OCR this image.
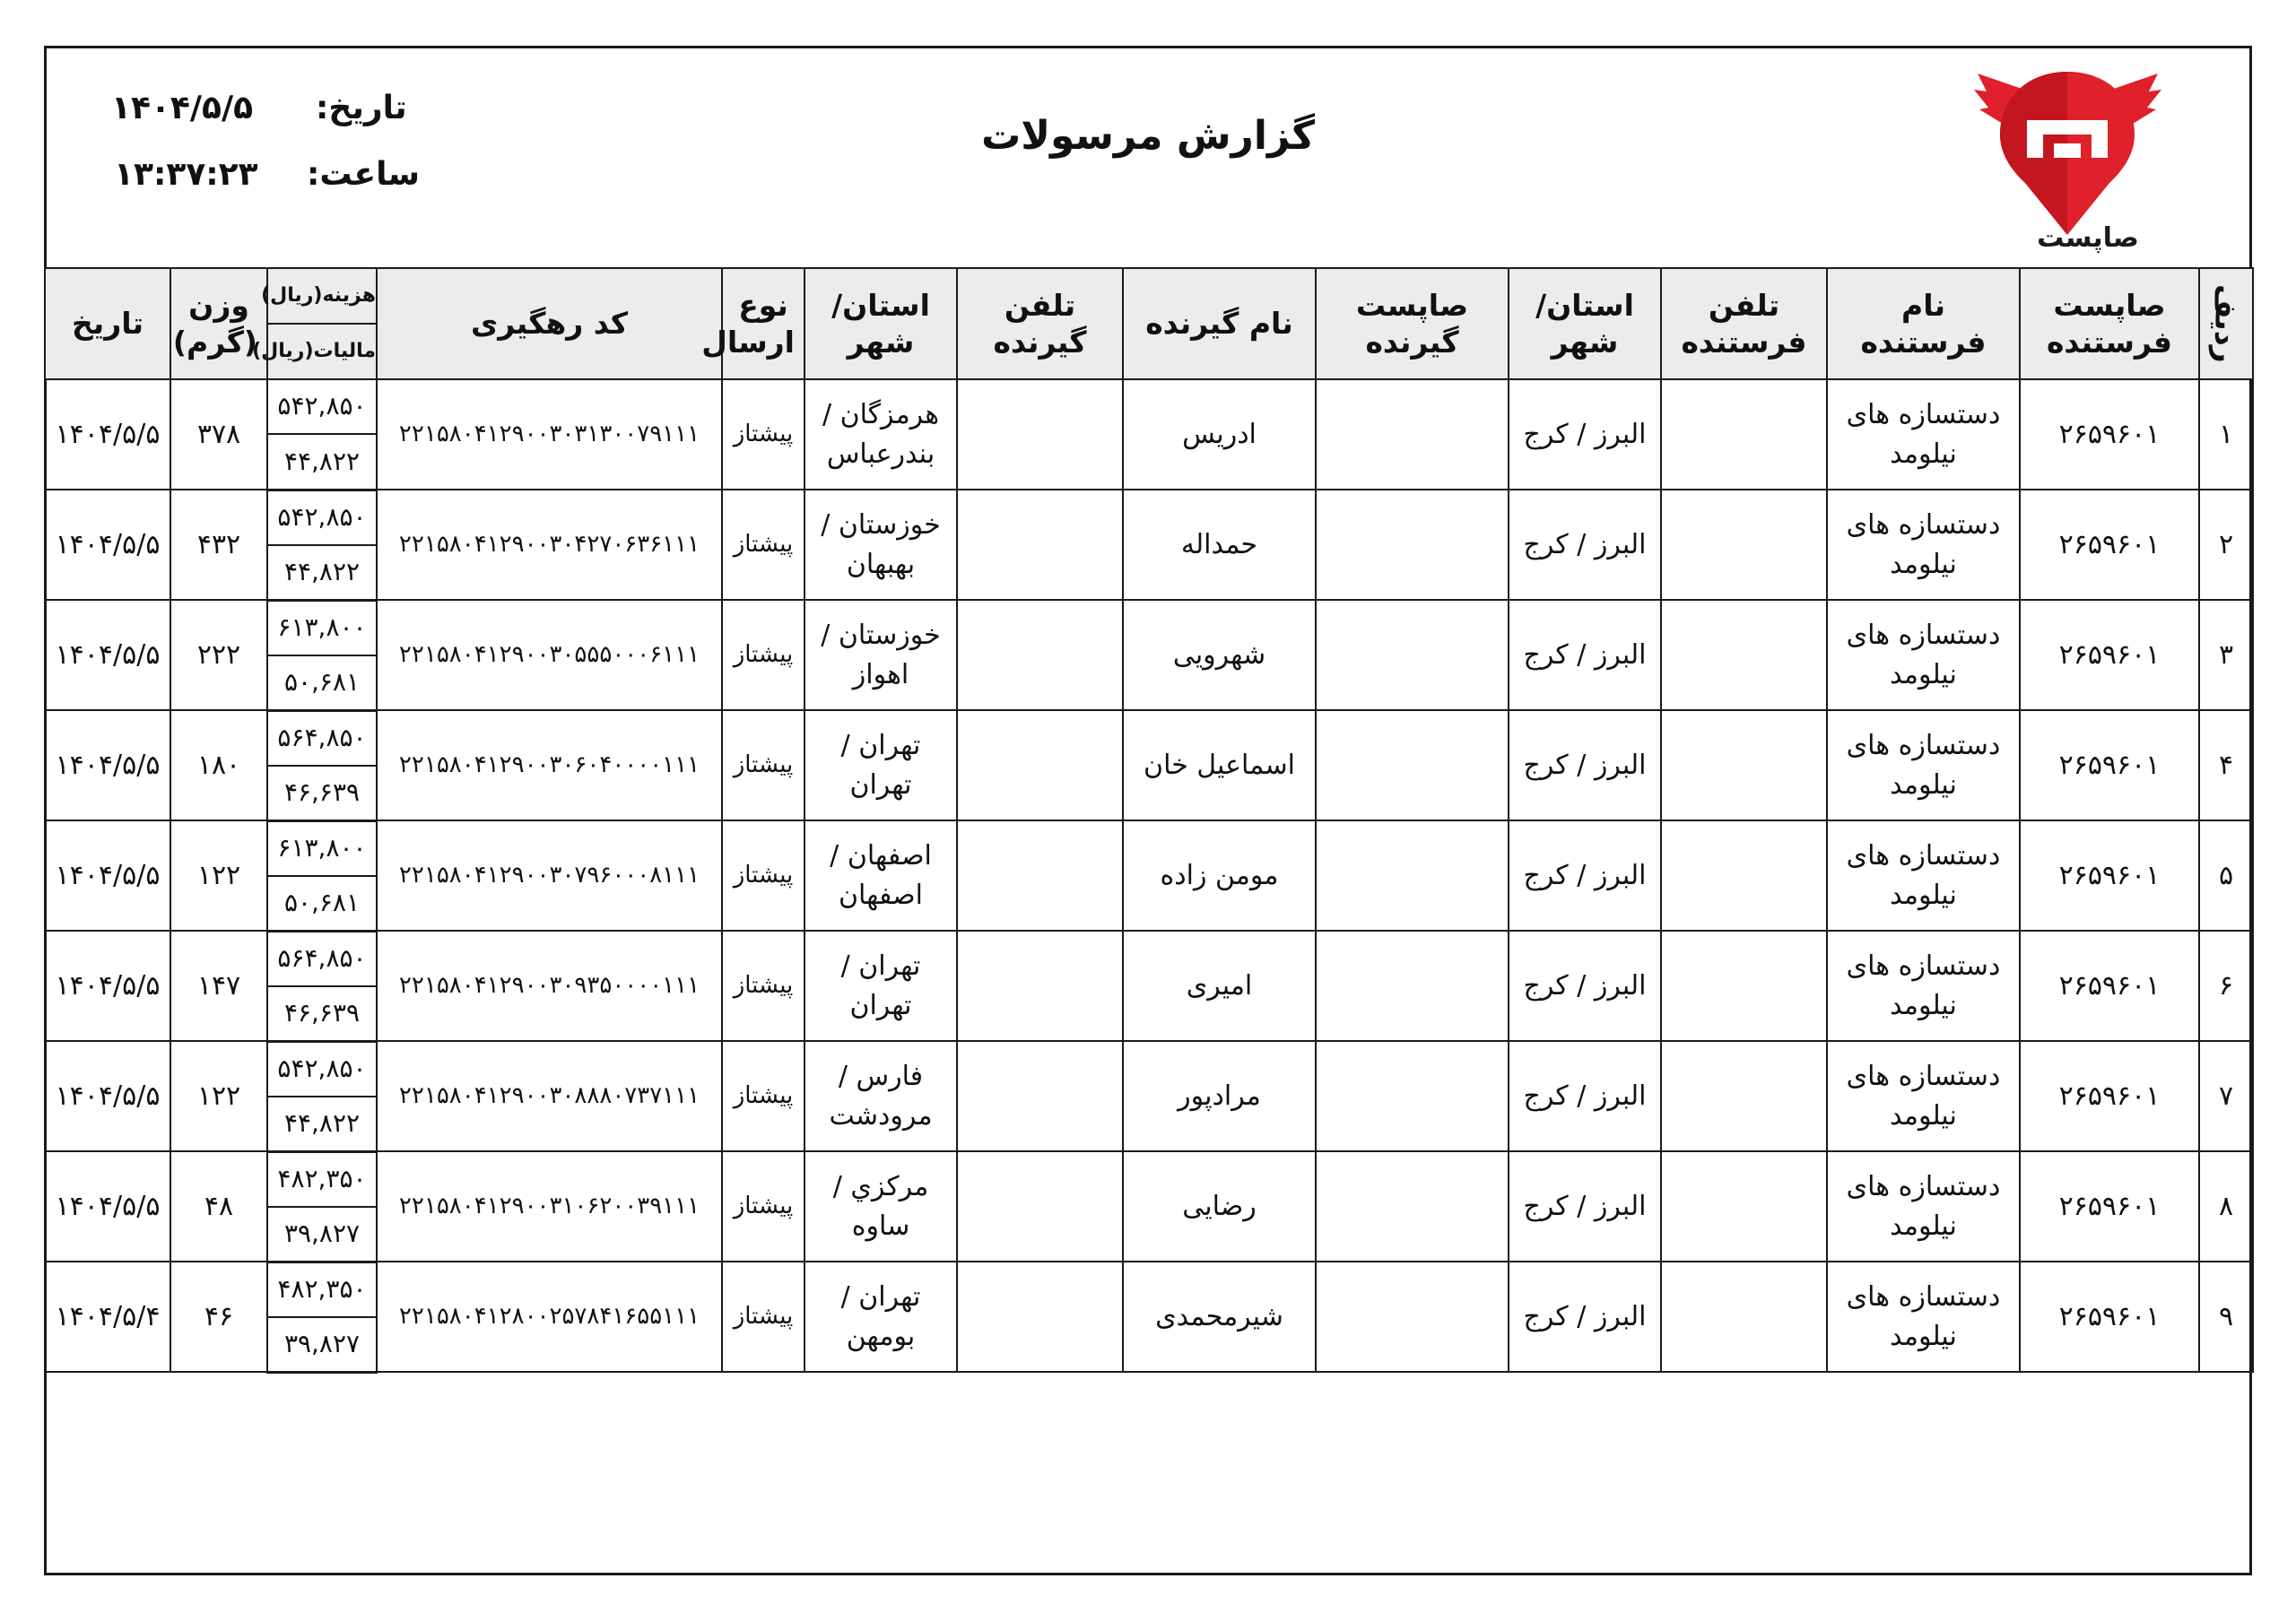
صاپست
گزارش مرسولات
تاریخ:
۱۴۰۴/۵/۵
ساعت:
۱۳:۳۷:۲۳
ردیف	صاپست فرستنده	نام فرستنده	تلفن فرستنده	استان/ شهر	صاپست گیرنده	نام گیرنده	تلفن گیرنده	استان/ شهر	نوع ارسال	کد رهگیری	هزینه(ریال)	وزن (گرم)	تاریخ
											مالیات(ریال)		
۱	۲۶۵۹۶۰۱	دستسازه های نیلومد		البرز / کرج		ادریس		هرمزگان / بندرعباس	پیشتاز	۲۲۱۵۸۰۴۱۲۹۰۰۳۰۳۱۳۰۰۷۹۱۱۱	۵۴۲,۸۵۰	۳۷۸	۱۴۰۴/۵/۵
											۴۴,۸۲۲		
۲	۲۶۵۹۶۰۱	دستسازه های نیلومد		البرز / کرج		حمداله		خوزستان / بهبهان	پیشتاز	۲۲۱۵۸۰۴۱۲۹۰۰۳۰۴۲۷۰۶۳۶۱۱۱	۵۴۲,۸۵۰	۴۳۲	۱۴۰۴/۵/۵
											۴۴,۸۲۲		
۳	۲۶۵۹۶۰۱	دستسازه های نیلومد		البرز / کرج		شهرویی		خوزستان / اهواز	پیشتاز	۲۲۱۵۸۰۴۱۲۹۰۰۳۰۵۵۵۰۰۰۶۱۱۱	۶۱۳,۸۰۰	۲۲۲	۱۴۰۴/۵/۵
											۵۰,۶۸۱		
۴	۲۶۵۹۶۰۱	دستسازه های نیلومد		البرز / کرج		اسماعیل خان		تهران / تهران	پیشتاز	۲۲۱۵۸۰۴۱۲۹۰۰۳۰۶۰۴۰۰۰۰۱۱۱	۵۶۴,۸۵۰	۱۸۰	۱۴۰۴/۵/۵
											۴۶,۶۳۹		
۵	۲۶۵۹۶۰۱	دستسازه های نیلومد		البرز / کرج		مومن زاده		اصفهان / اصفهان	پیشتاز	۲۲۱۵۸۰۴۱۲۹۰۰۳۰۷۹۶۰۰۰۸۱۱۱	۶۱۳,۸۰۰	۱۲۲	۱۴۰۴/۵/۵
											۵۰,۶۸۱		
۶	۲۶۵۹۶۰۱	دستسازه های نیلومد		البرز / کرج		امیری		تهران / تهران	پیشتاز	۲۲۱۵۸۰۴۱۲۹۰۰۳۰۹۳۵۰۰۰۰۱۱۱	۵۶۴,۸۵۰	۱۴۷	۱۴۰۴/۵/۵
											۴۶,۶۳۹		
۷	۲۶۵۹۶۰۱	دستسازه های نیلومد		البرز / کرج		مرادپور		فارس / مرودشت	پیشتاز	۲۲۱۵۸۰۴۱۲۹۰۰۳۰۸۸۸۰۷۳۷۱۱۱	۵۴۲,۸۵۰	۱۲۲	۱۴۰۴/۵/۵
											۴۴,۸۲۲		
۸	۲۶۵۹۶۰۱	دستسازه های نیلومد		البرز / کرج		رضایی		مرکزي / ساوه	پیشتاز	۲۲۱۵۸۰۴۱۲۹۰۰۳۱۰۶۲۰۰۳۹۱۱۱	۴۸۲,۳۵۰	۴۸	۱۴۰۴/۵/۵
											۳۹,۸۲۷		
۹	۲۶۵۹۶۰۱	دستسازه های نیلومد		البرز / کرج		شیرمحمدی		تهران / بومهن	پیشتاز	۲۲۱۵۸۰۴۱۲۸۰۰۲۵۷۸۴۱۶۵۵۱۱۱	۴۸۲,۳۵۰	۴۶	۱۴۰۴/۵/۴
											۳۹,۸۲۷		
